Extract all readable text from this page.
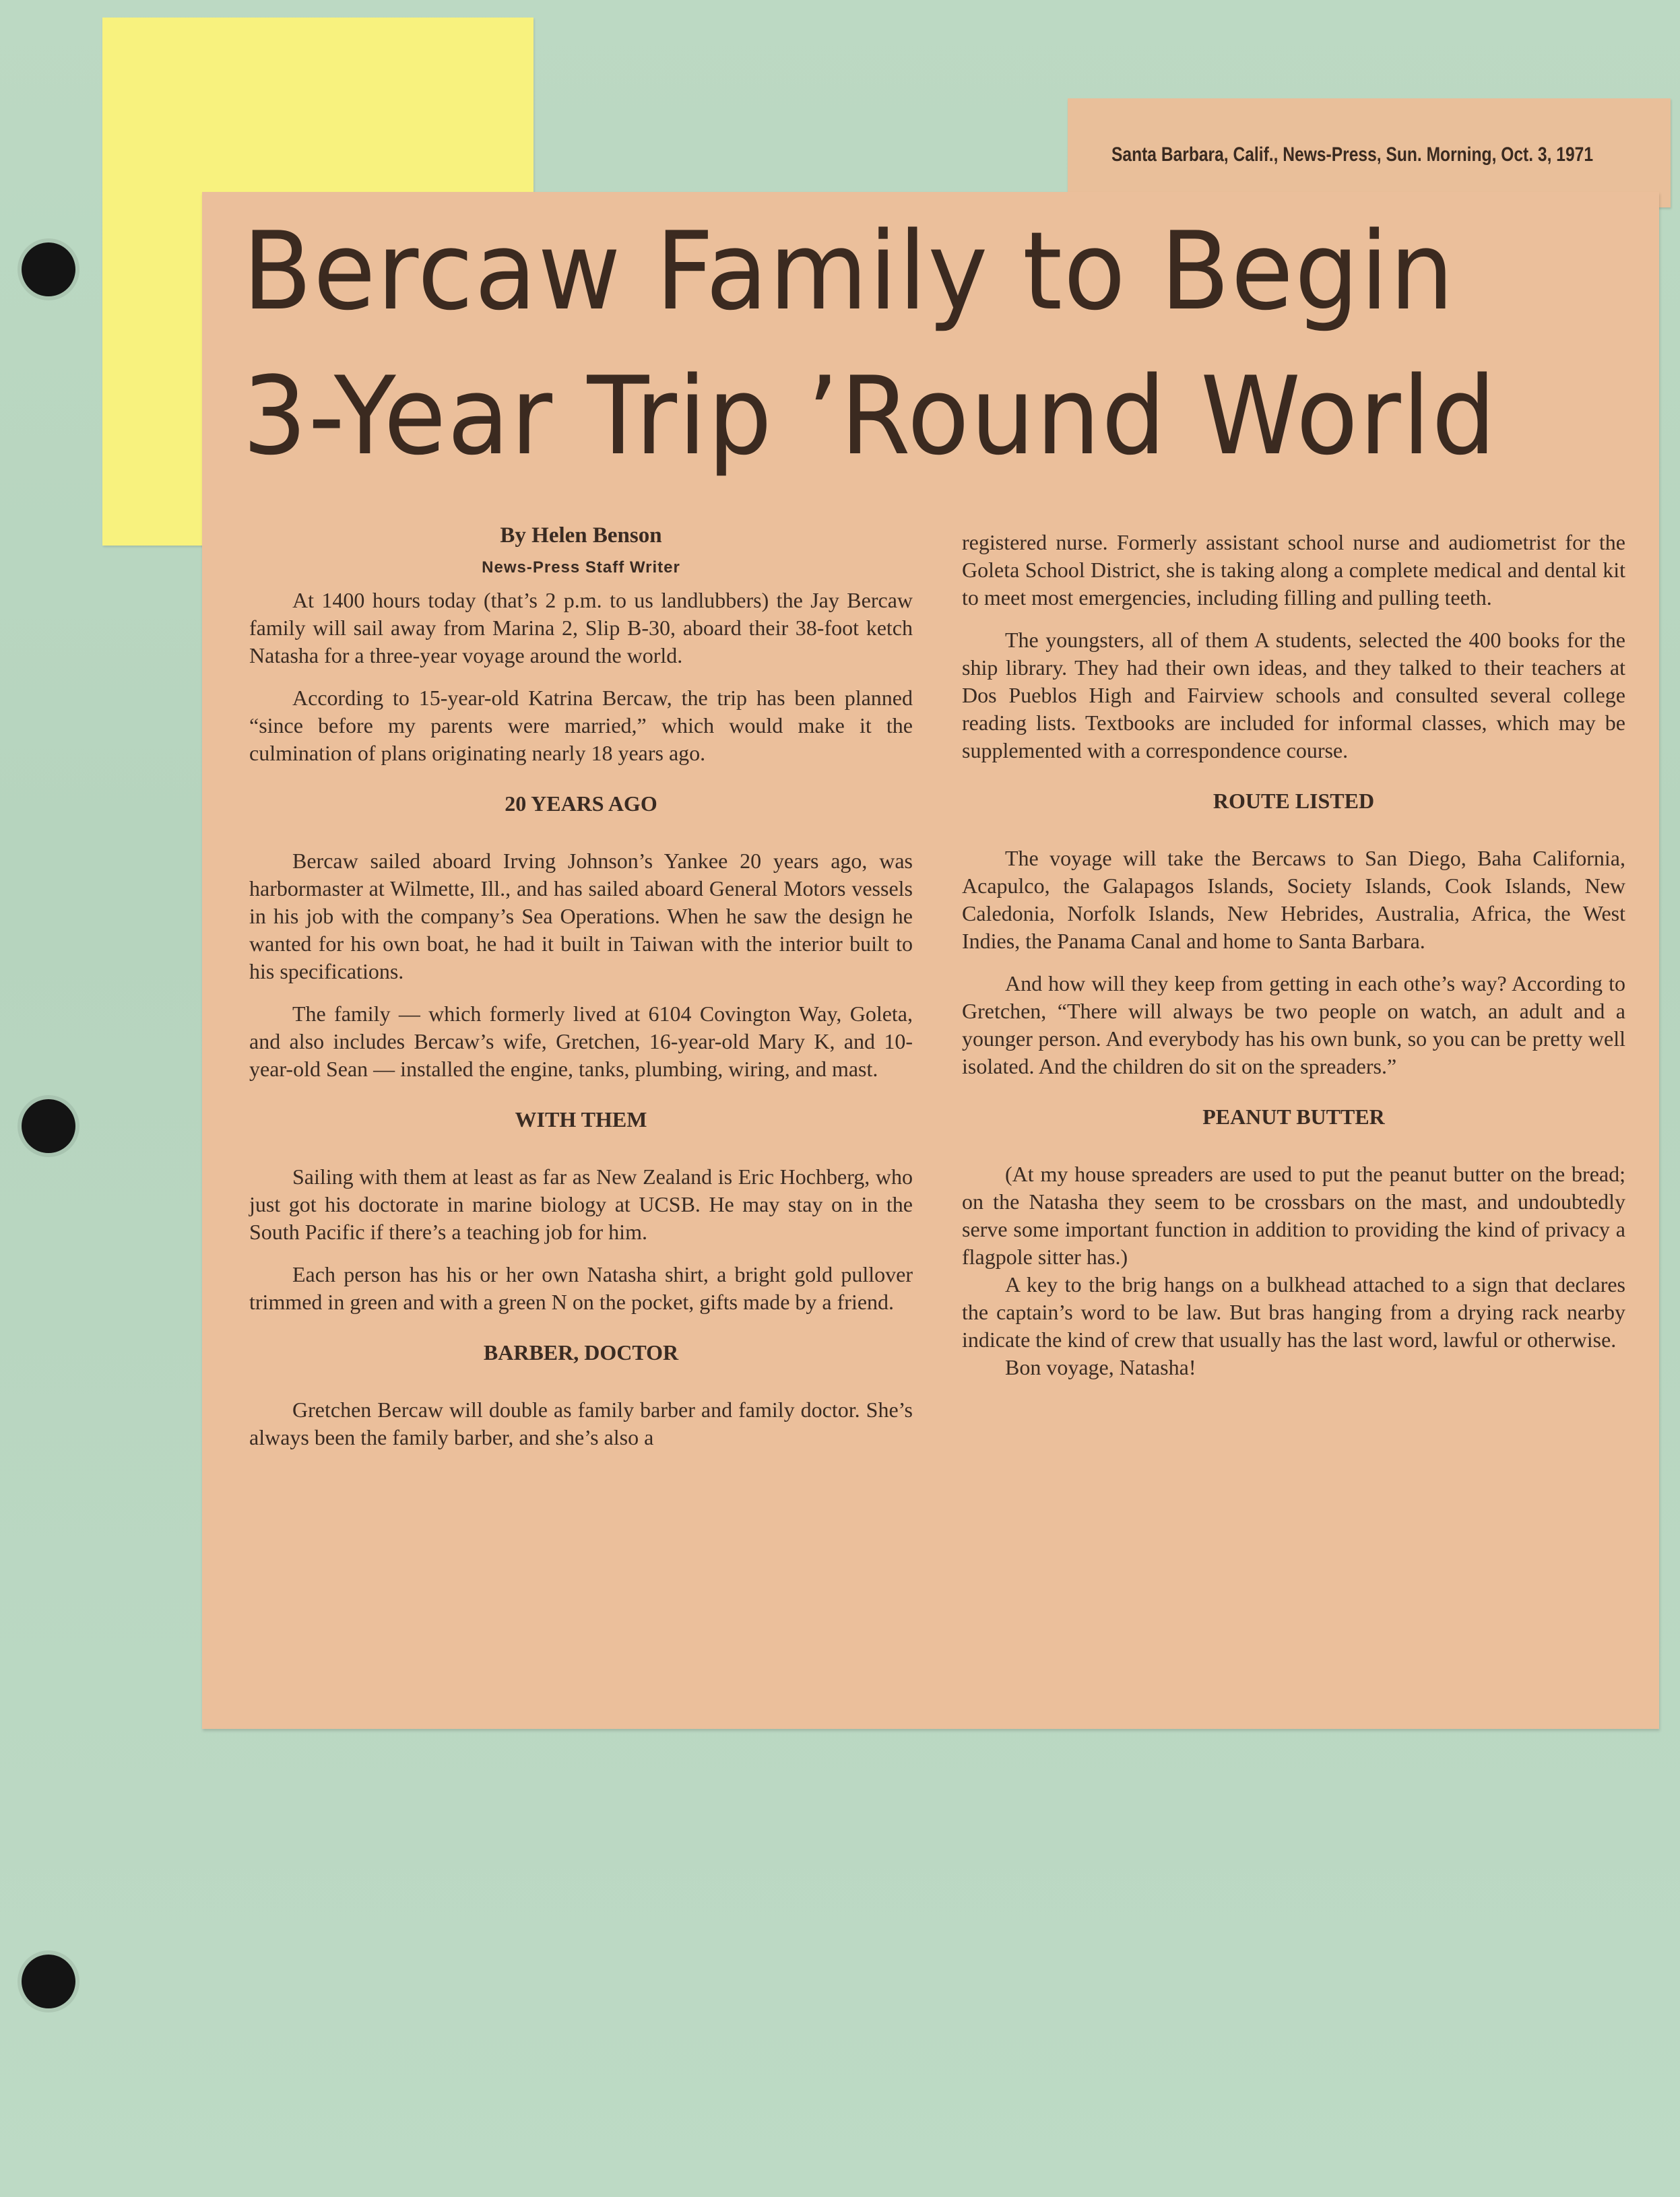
Santa Barbara, Calif., News-Press, Sun. Morning, Oct. 3, 1971
Bercaw Family to Begin
3-Year Trip ’Round World
By Helen Benson
News-Press Staff Writer

At 1400 hours today (that’s 2 p.m. to us landlubbers) the Jay Bercaw family will sail away from Marina 2, Slip B-30, aboard their 38-foot ketch Natasha for a three-year voyage around the world.

According to 15-year-old Katrina Bercaw, the trip has been planned “since before my parents were married,” which would make it the culmination of plans originating nearly 18 years ago.

20 YEARS AGO

Bercaw sailed aboard Irving Johnson’s Yankee 20 years ago, was harbormaster at Wilmette, Ill., and has sailed aboard General Motors vessels in his job with the company’s Sea Operations. When he saw the design he wanted for his own boat, he had it built in Taiwan with the interior built to his specifications.

The family — which formerly lived at 6104 Covington Way, Goleta, and also includes Bercaw’s wife, Gretchen, 16-year-old Mary K, and 10-year-old Sean — installed the engine, tanks, plumbing, wiring, and mast.

WITH THEM

Sailing with them at least as far as New Zealand is Eric Hochberg, who just got his doctorate in marine biology at UCSB. He may stay on in the South Pacific if there’s a teaching job for him.

Each person has his or her own Natasha shirt, a bright gold pullover trimmed in green and with a green N on the pocket, gifts made by a friend.

BARBER, DOCTOR

Gretchen Bercaw will double as family barber and family doctor. She’s always been the family barber, and she’s also a

registered nurse. Formerly assistant school nurse and audiometrist for the Goleta School District, she is taking along a complete medical and dental kit to meet most emergencies, including filling and pulling teeth.

The youngsters, all of them A students, selected the 400 books for the ship library. They had their own ideas, and they talked to their teachers at Dos Pueblos High and Fairview schools and consulted several college reading lists. Textbooks are included for informal classes, which may be supplemented with a correspondence course.

ROUTE LISTED

The voyage will take the Bercaws to San Diego, Baha California, Acapulco, the Galapagos Islands, Society Islands, Cook Islands, New Caledonia, Norfolk Islands, New Hebrides, Australia, Africa, the West Indies, the Panama Canal and home to Santa Barbara.

And how will they keep from getting in each othe’s way? According to Gretchen, “There will always be two people on watch, an adult and a younger person. And everybody has his own bunk, so you can be pretty well isolated. And the children do sit on the spreaders.”

PEANUT BUTTER

(At my house spreaders are used to put the peanut butter on the bread; on the Natasha they seem to be crossbars on the mast, and undoubtedly serve some important function in addition to providing the kind of privacy a flagpole sitter has.)

A key to the brig hangs on a bulkhead attached to a sign that declares the captain’s word to be law. But bras hanging from a drying rack nearby indicate the kind of crew that usually has the last word, lawful or otherwise.

Bon voyage, Natasha!
